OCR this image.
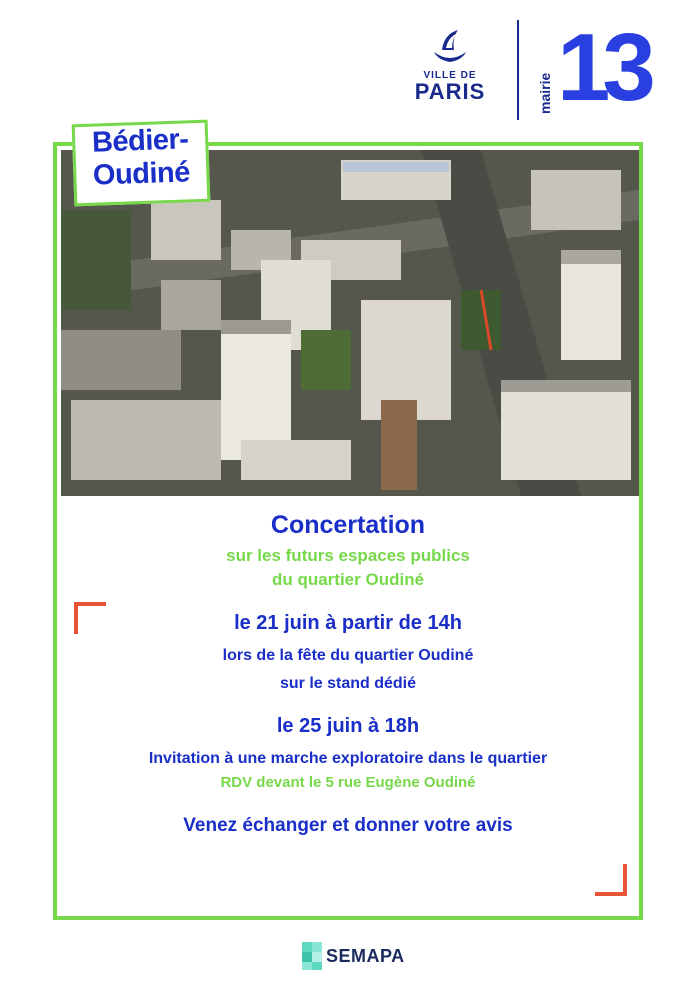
VILLE DE
PARIS	mairie 13
Bédier-
Oudiné
Concertation
sur les futurs espaces publics
du quartier Oudiné
le 21 juin à partir de 14h
lors de la fête du quartier Oudiné
sur le stand dédié
le 25 juin à 18h
Invitation à une marche exploratoire dans le quartier
RDV devant le 5 rue Eugène Oudiné
Venez échanger et donner votre avis
SEMAPA
